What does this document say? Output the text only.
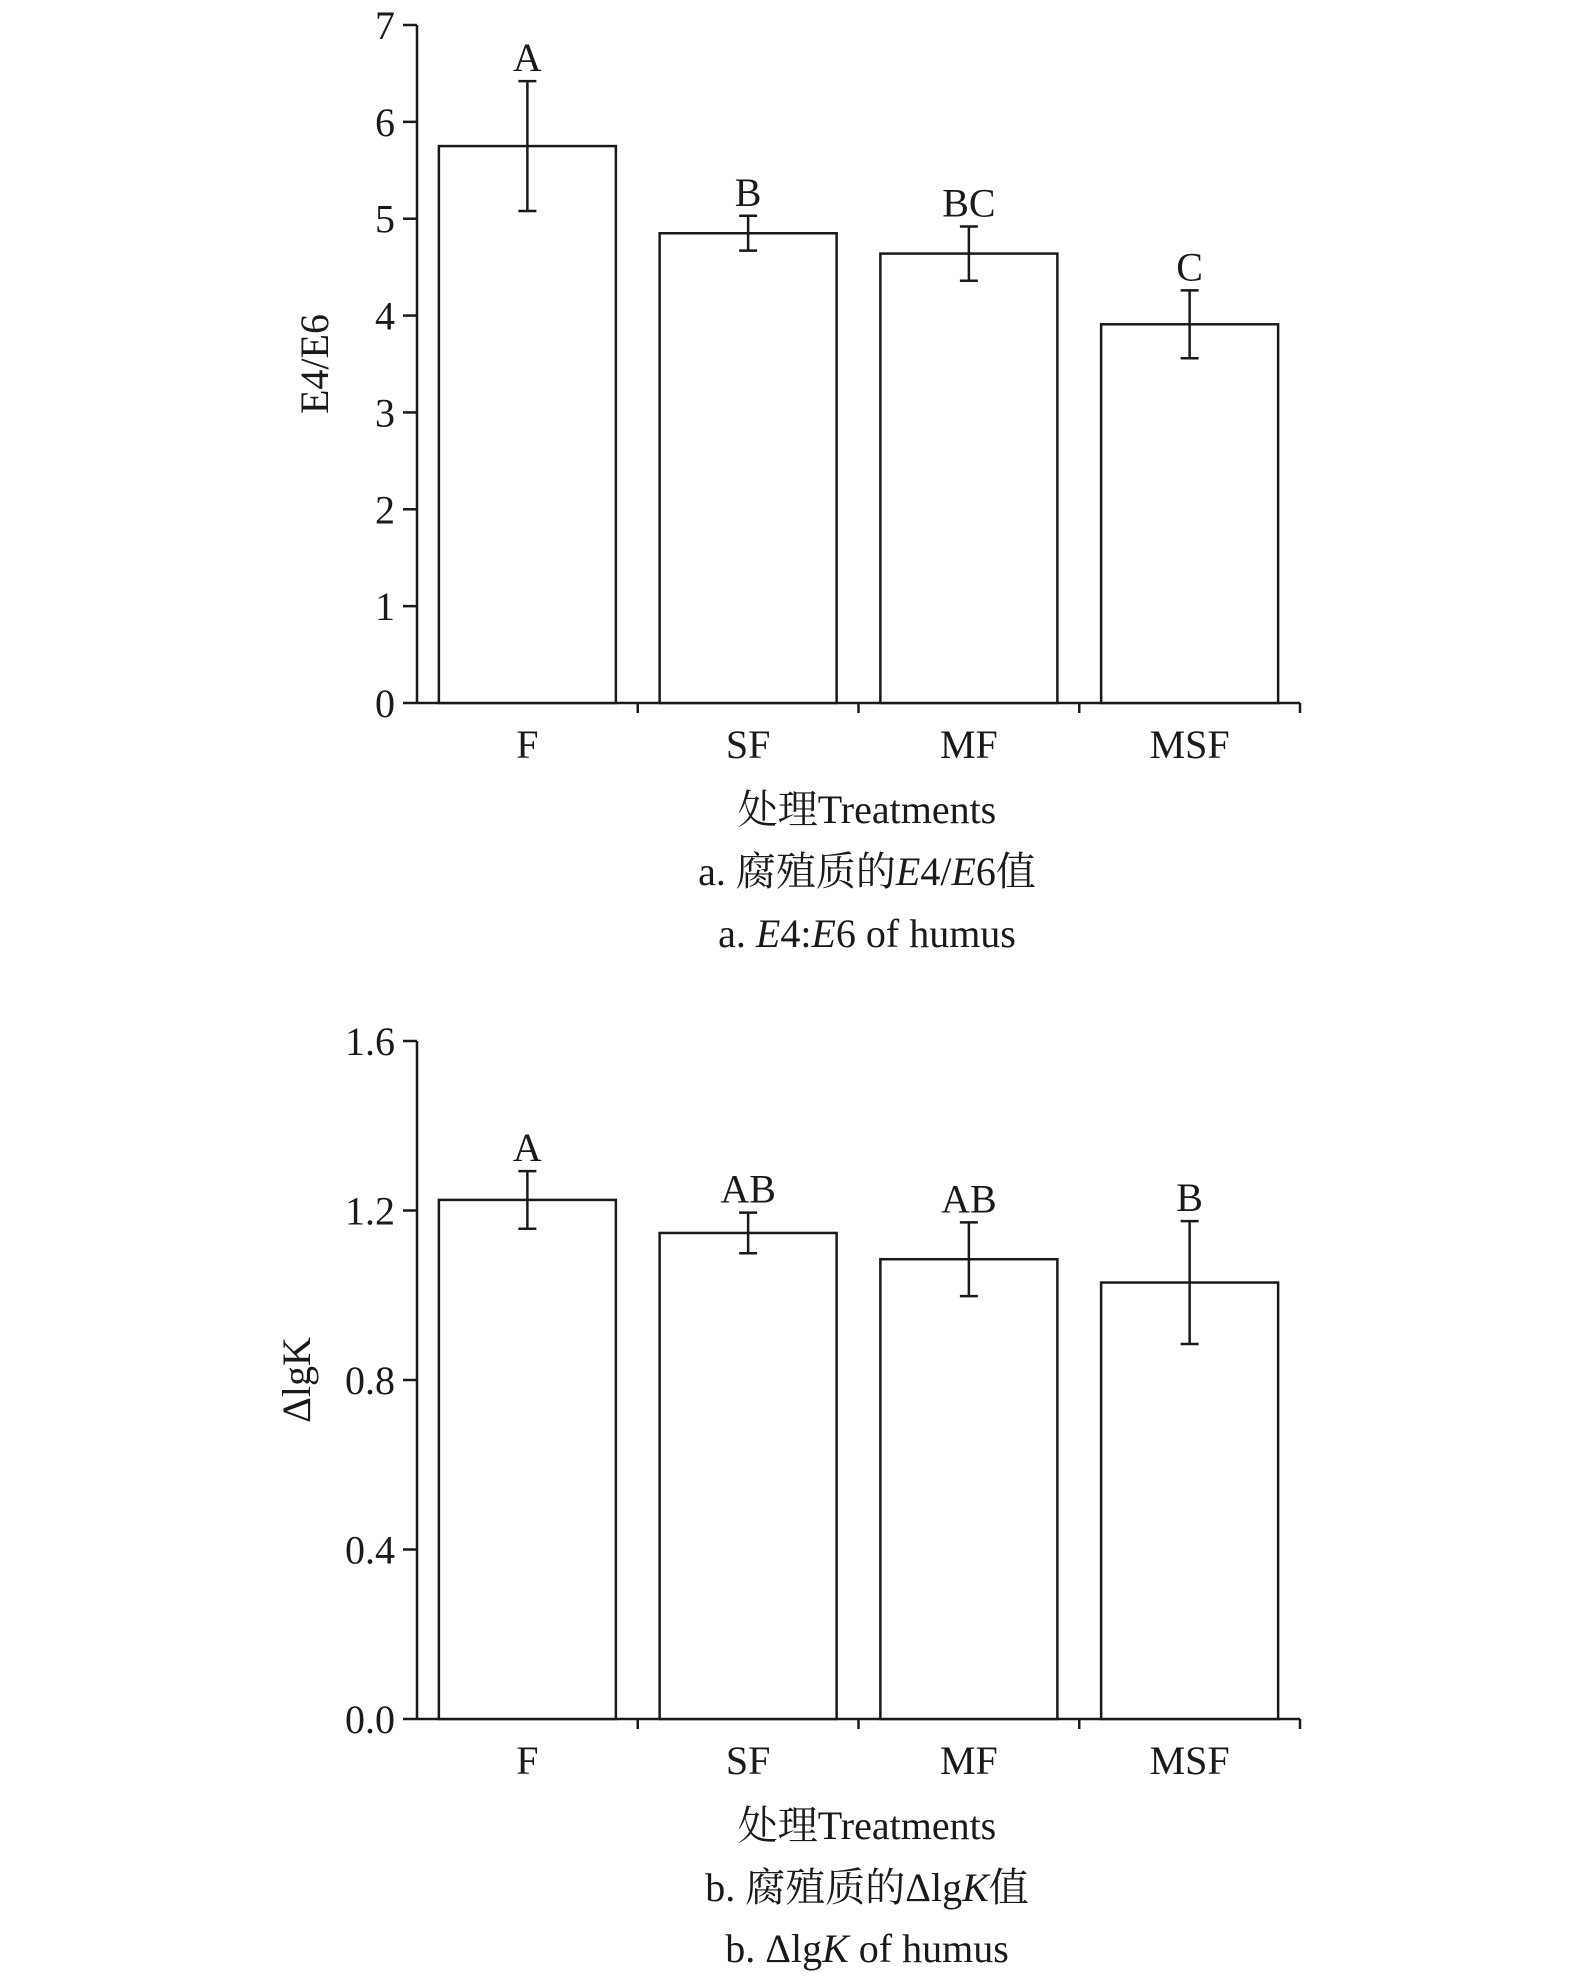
0
1
2
3
4
5
6
7
E4/E6
A
F
B
SF
BC
MF
C
MSF
处理Treatments
a. 腐殖质的E4/E6值
a. E4:E6 of humus
0.0
0.4
0.8
1.2
1.6
ΔlgK
A
F
AB
SF
AB
MF
B
MSF
处理Treatments
b. 腐殖质的ΔlgK值
b. ΔlgK of humus
